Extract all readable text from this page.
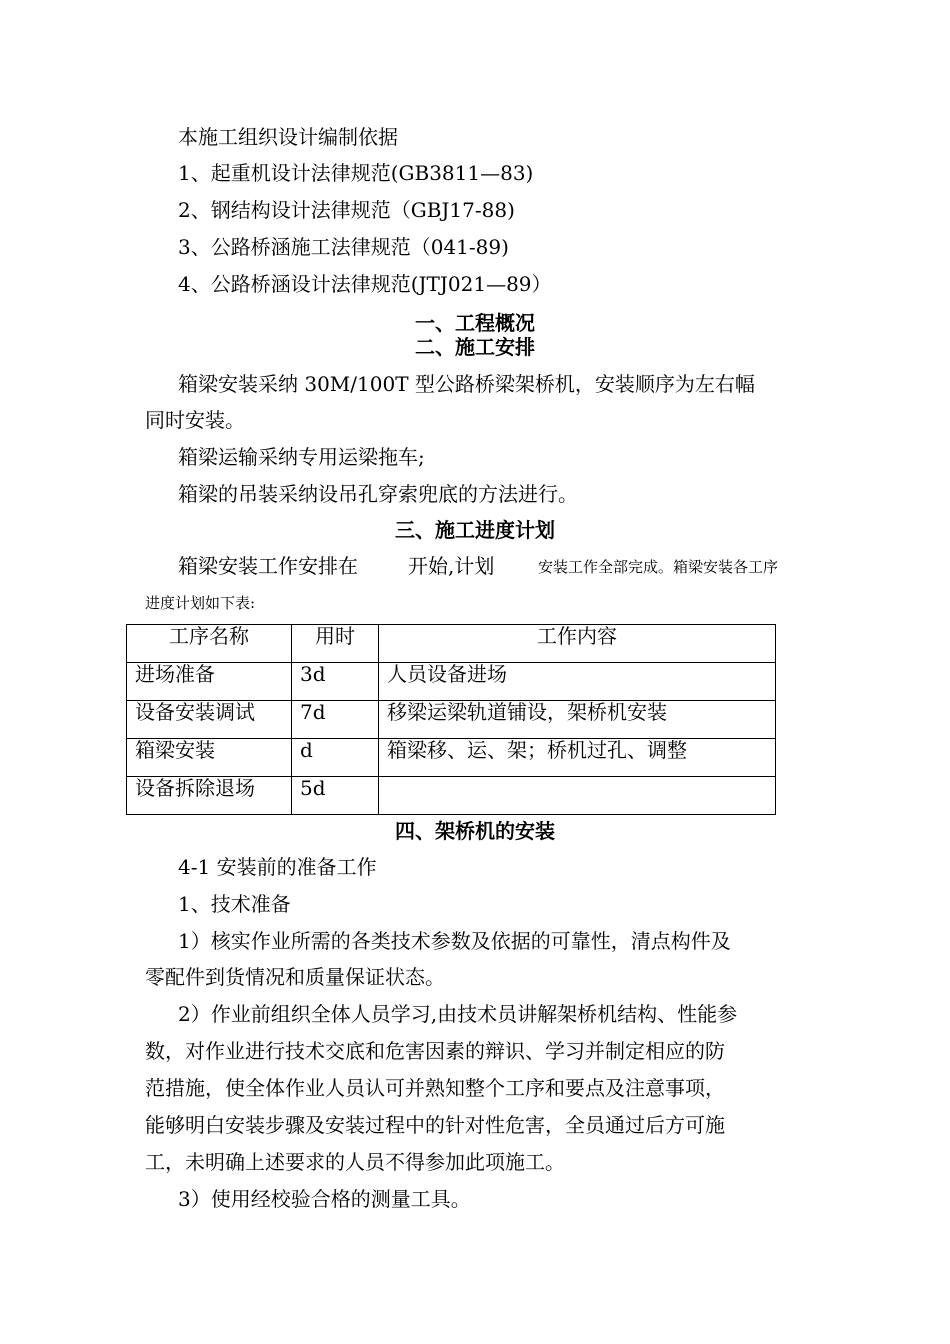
本施工组织设计编制依据
1、起重机设计法律规范(GB3811—83)
2、钢结构设计法律规范（GBJ17-88)
3、公路桥涵施工法律规范（041-89)
4、公路桥涵设计法律规范(JTJ021—89）
一、工程概况
二、施工安排
箱梁安装采纳 30M/100T 型公路桥梁架桥机，安装顺序为左右幅
同时安装。
箱梁运输采纳专用运梁拖车;
箱梁的吊装采纳设吊孔穿索兜底的方法进行。
三、施工进度计划
箱梁安装工作安排在	开始,计划	安装工作全部完成。箱梁安装各工序
进度计划如下表:
工序名称	用时	工作内容
进场准备	3d	人员设备进场
设备安装调试	7d	移梁运梁轨道铺设，架桥机安装
箱梁安装	d	箱梁移、运、架；桥机过孔、调整
设备拆除退场	5d	
四、架桥机的安装
4-1 安装前的准备工作
1、技术准备
1）核实作业所需的各类技术参数及依据的可靠性，清点构件及
零配件到货情况和质量保证状态。
2）作业前组织全体人员学习,由技术员讲解架桥机结构、性能参
数，对作业进行技术交底和危害因素的辩识、学习并制定相应的防
范措施，使全体作业人员认可并熟知整个工序和要点及注意事项，
能够明白安装步骤及安装过程中的针对性危害，全员通过后方可施
工，未明确上述要求的人员不得参加此项施工。
3）使用经校验合格的测量工具。
